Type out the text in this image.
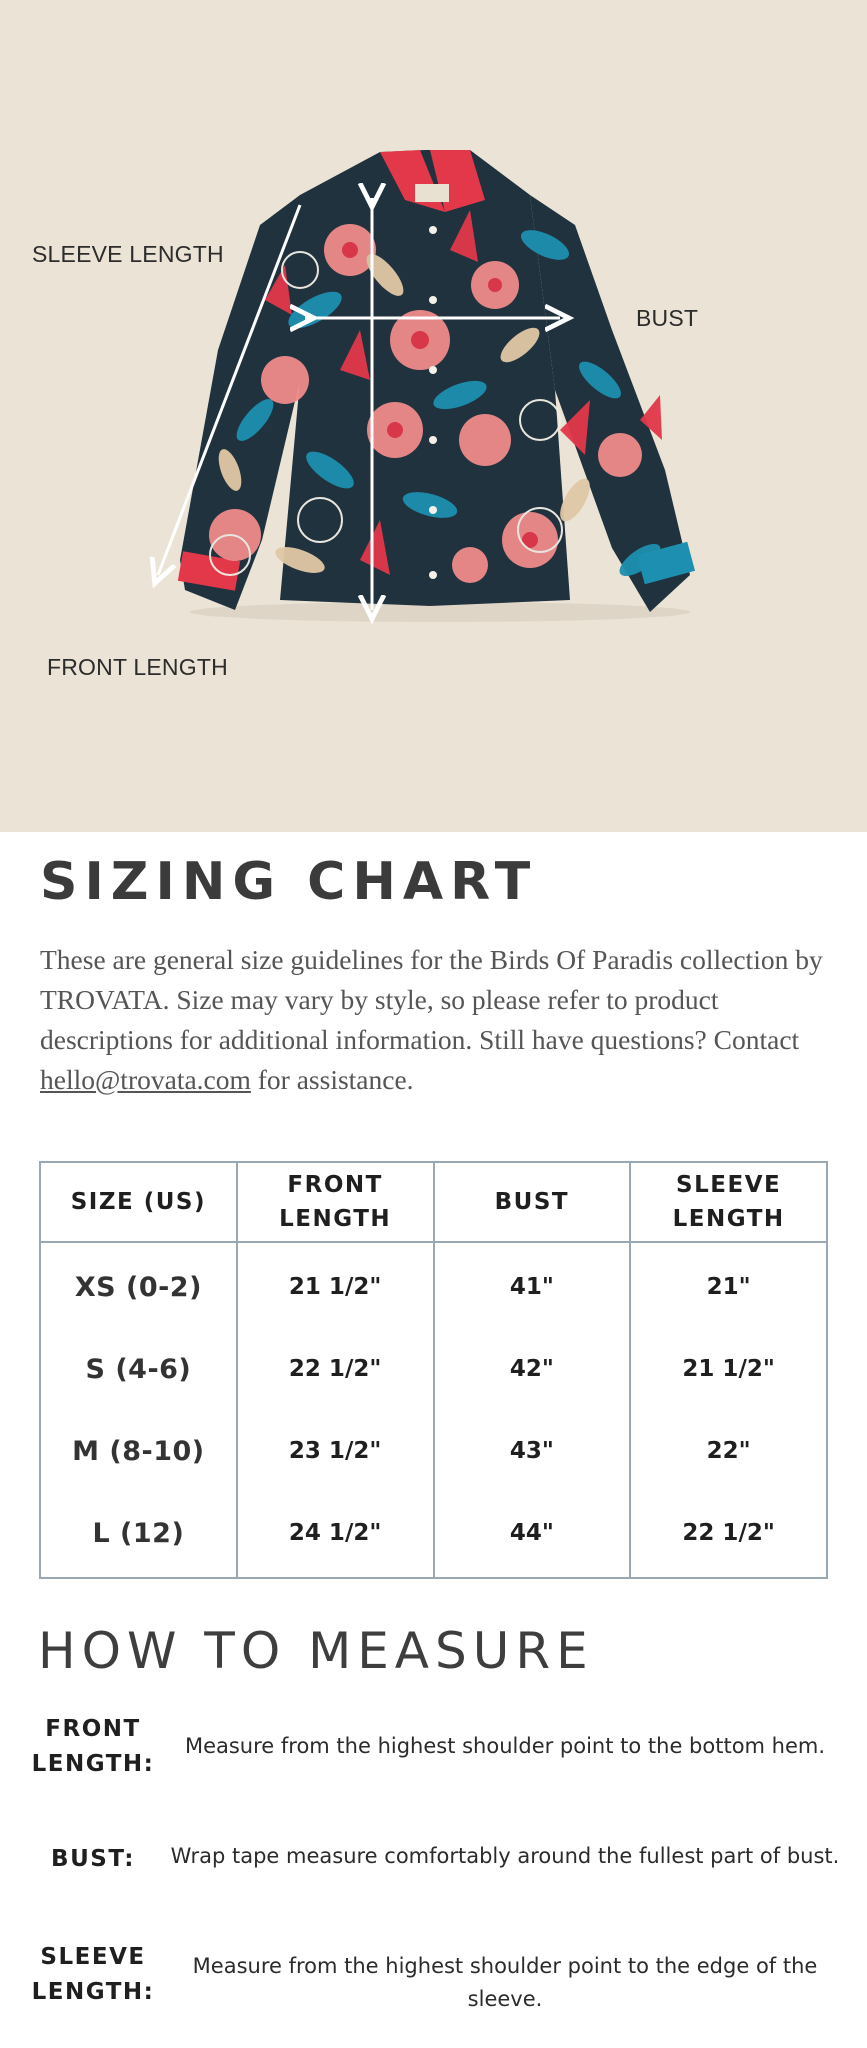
SLEEVE LENGTH
BUST
FRONT LENGTH
SIZING CHART

These are general size guidelines for the Birds Of Paradis collection by TROVATA. Size may vary by style, so please refer to product descriptions for additional information. Still have questions? Contact hello@trovata.com for assistance.

SIZE (US)	FRONT LENGTH	BUST	SLEEVE LENGTH
XS (0-2)	21 1/2"	41"	21"
S (4-6)	22 1/2"	42"	21 1/2"
M (8-10)	23 1/2"	43"	22"
L (12)	24 1/2"	44"	22 1/2"
HOW TO MEASURE
FRONT LENGTH:
Measure from the highest shoulder point to the bottom hem.
BUST:	Wrap tape measure comfortably around the fullest part of bust.
SLEEVE LENGTH:
Measure from the highest shoulder point to the edge of the sleeve.
